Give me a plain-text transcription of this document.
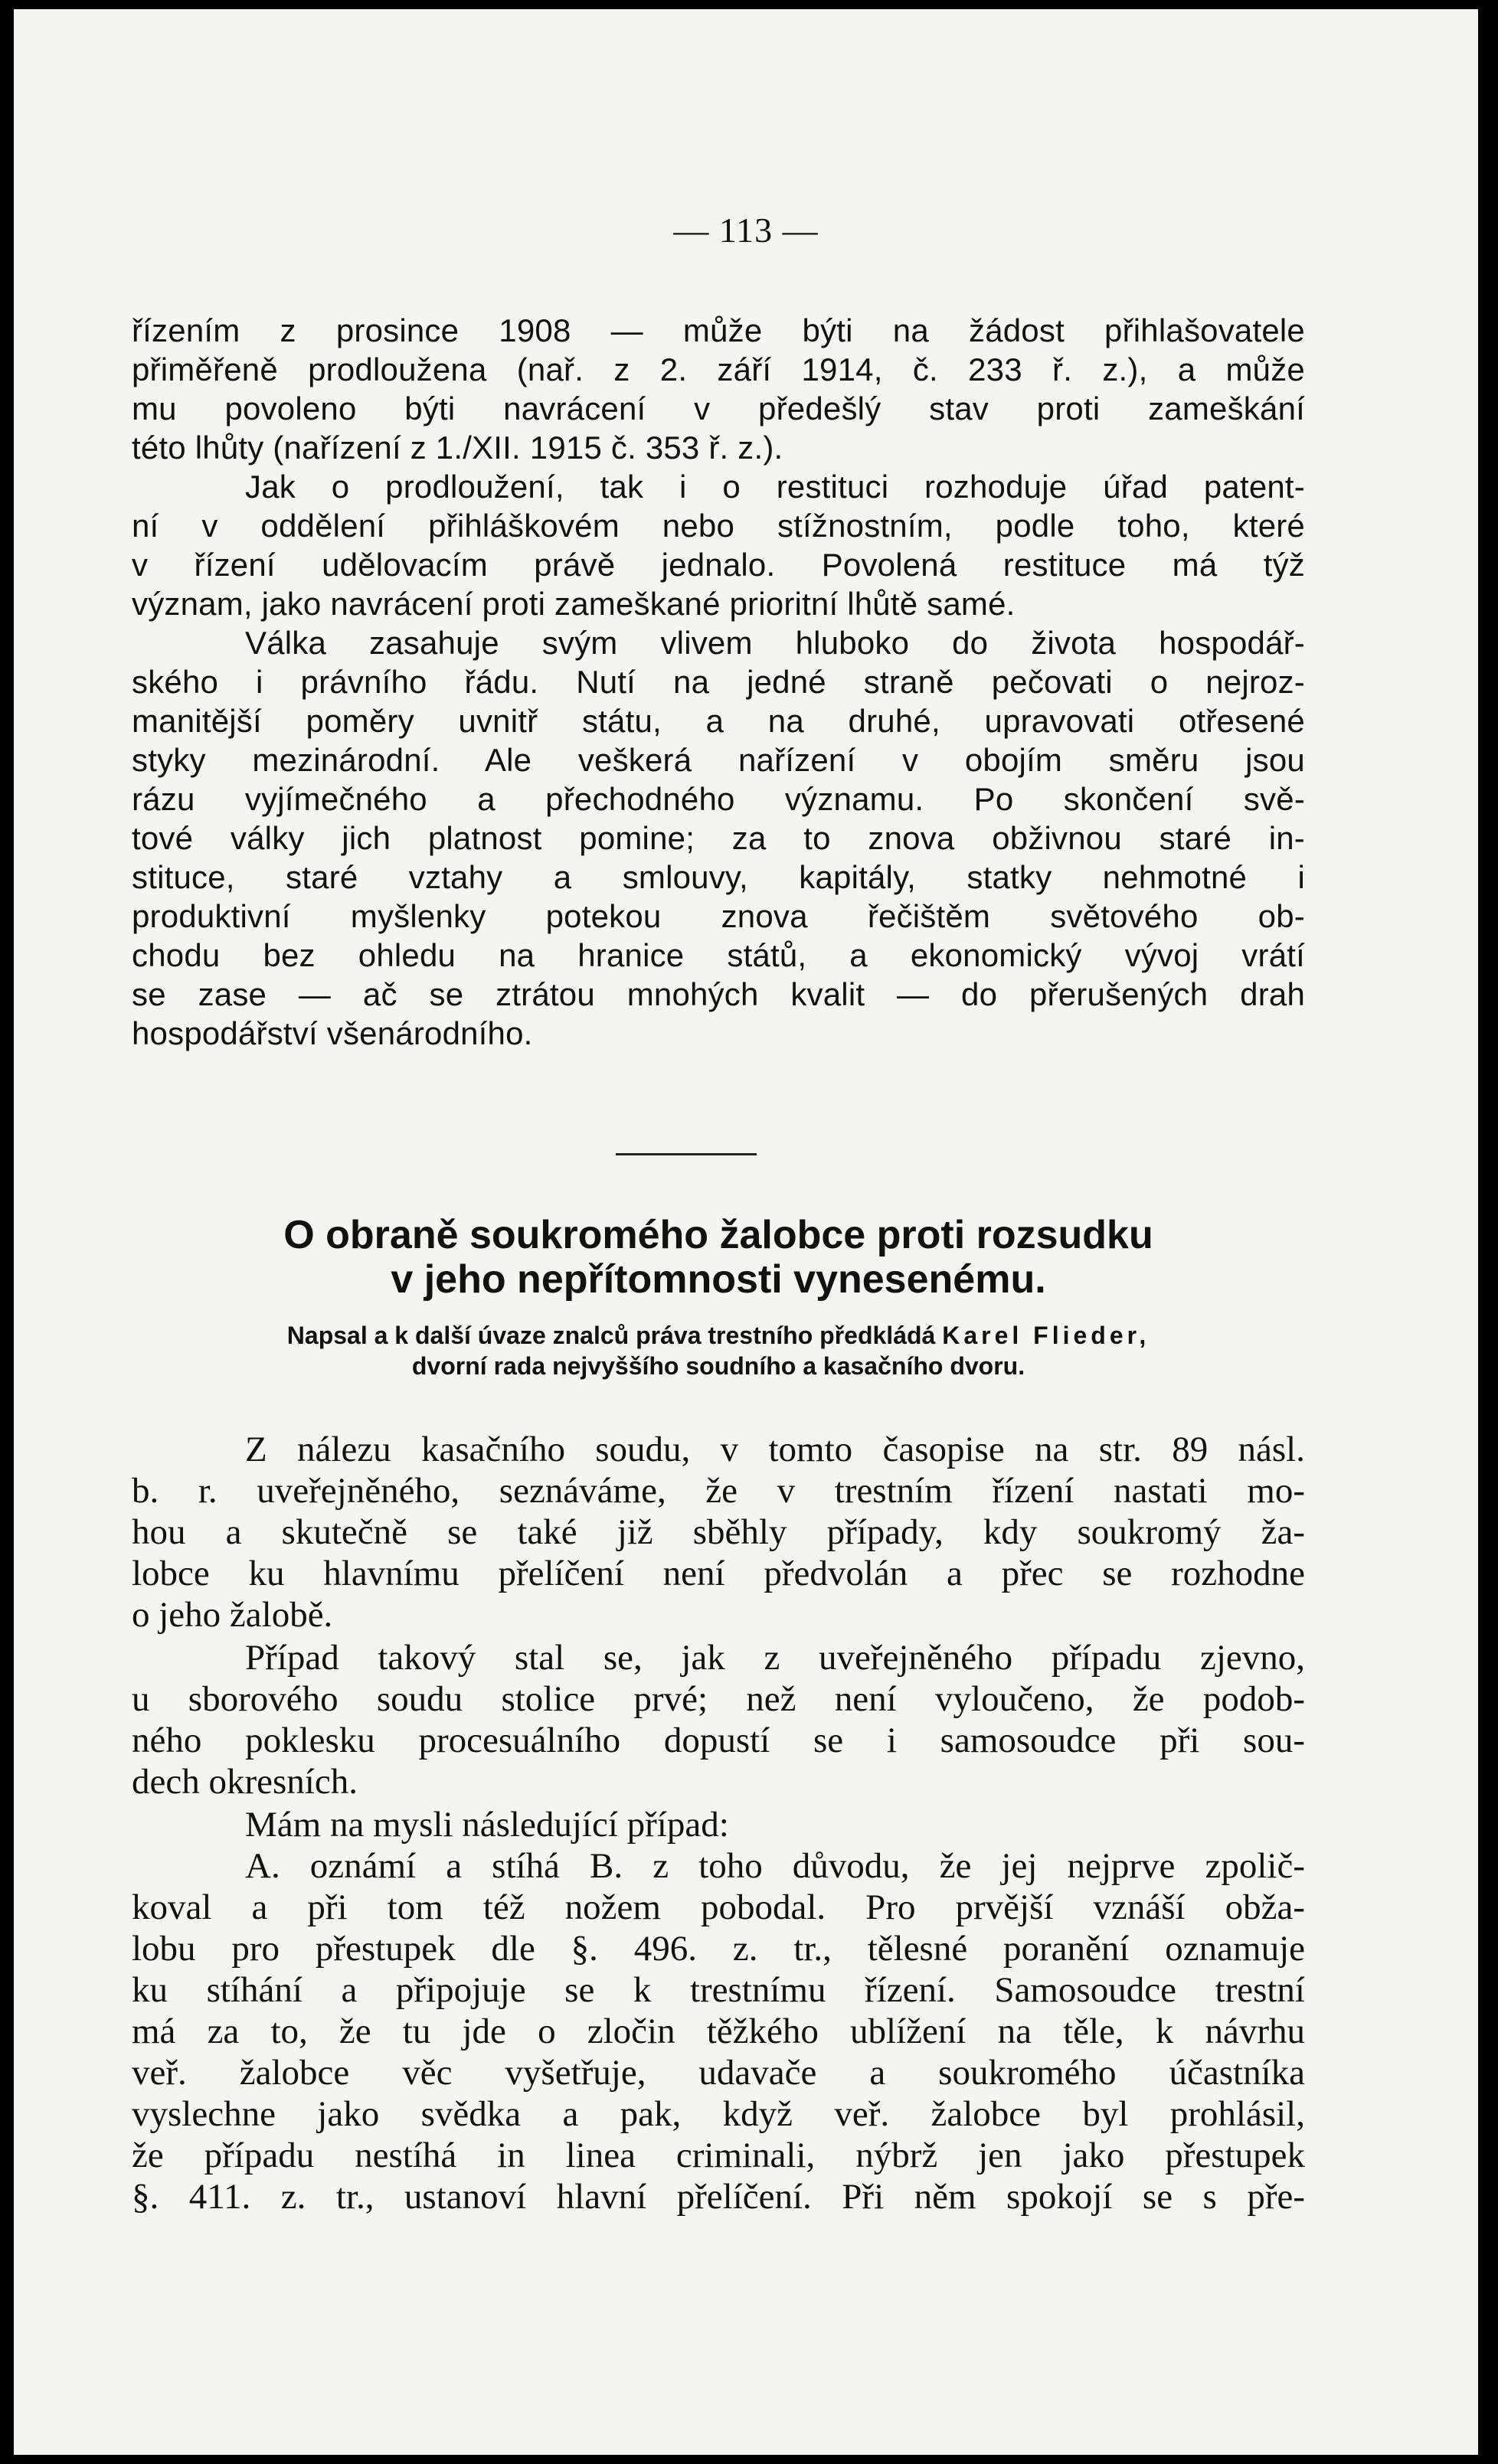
— 113 —
řízením z prosince 1908 — může býti na žádost přihlašovatele
přiměřeně prodloužena (nař. z 2. září 1914, č. 233 ř. z.), a může
mu povoleno býti navrácení v předešlý stav proti zameškání
této lhůty (nařízení z 1./XII. 1915 č. 353 ř. z.).
Jak o prodloužení, tak i o restituci rozhoduje úřad patent-
ní v oddělení přihláškovém nebo stížnostním, podle toho, které
v řízení udělovacím právě jednalo. Povolená restituce má týž
význam, jako navrácení proti zameškané prioritní lhůtě samé.
Válka zasahuje svým vlivem hluboko do života hospodář-
ského i právního řádu. Nutí na jedné straně pečovati o nejroz-
manitější poměry uvnitř státu, a na druhé, upravovati otřesené
styky mezinárodní. Ale veškerá nařízení v obojím směru jsou
rázu vyjímečného a přechodného významu. Po skončení svě-
tové války jich platnost pomine; za to znova obživnou staré in-
stituce, staré vztahy a smlouvy, kapitály, statky nehmotné i
produktivní myšlenky potekou znova řečištěm světového ob-
chodu bez ohledu na hranice států, a ekonomický vývoj vrátí
se zase — ač se ztrátou mnohých kvalit — do přerušených drah
hospodářství všenárodního.
O obraně soukromého žalobce proti rozsudku
v jeho nepřítomnosti vynesenému.
Napsal a k další úvaze znalců práva trestního předkládá Karel Flieder,
dvorní rada nejvyššího soudního a kasačního dvoru.
Z nálezu kasačního soudu, v tomto časopise na str. 89 násl.
b. r. uveřejněného, seznáváme, že v trestním řízení nastati mo-
hou a skutečně se také již sběhly případy, kdy soukromý ža-
lobce ku hlavnímu přelíčení není předvolán a přec se rozhodne
o jeho žalobě.
Případ takový stal se, jak z uveřejněného případu zjevno,
u sborového soudu stolice prvé; než není vyloučeno, že podob-
ného poklesku procesuálního dopustí se i samosoudce při sou-
dech okresních.
Mám na mysli následující případ:
A. oznámí a stíhá B. z toho důvodu, že jej nejprve zpolič-
koval a při tom též nožem pobodal. Pro prvější vznáší obža-
lobu pro přestupek dle §. 496. z. tr., tělesné poranění oznamuje
ku stíhání a připojuje se k trestnímu řízení. Samosoudce trestní
má za to, že tu jde o zločin těžkého ublížení na těle, k návrhu
veř. žalobce věc vyšetřuje, udavače a soukromého účastníka
vyslechne jako svědka a pak, když veř. žalobce byl prohlásil,
že případu nestíhá in linea criminali, nýbrž jen jako přestupek
§. 411. z. tr., ustanoví hlavní přelíčení. Při něm spokojí se s pře-
